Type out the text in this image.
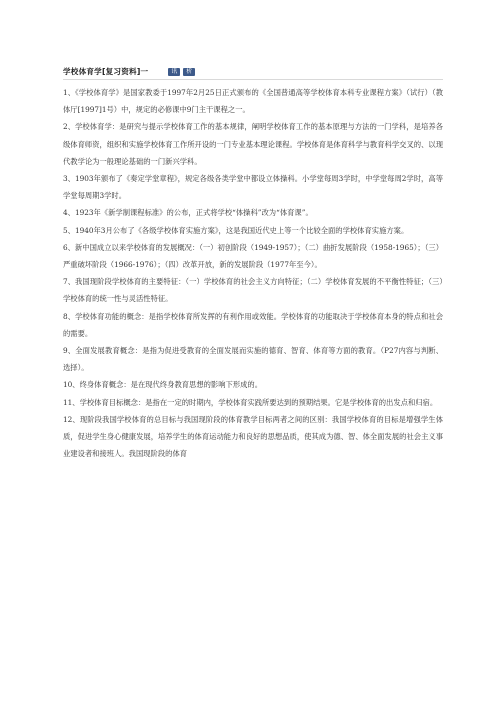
学校体育学[复习资料]一	讯	析

1、《学校体育学》是国家教委于1997年2月25日正式颁布的《全国普通高等学校体育本科专业课程方案》（试行）（教体厅[1997]1号）中，规定的必修课中9门主干课程之一。

2、学校体育学：是研究与提示学校体育工作的基本规律，阐明学校体育工作的基本原理与方法的一门学科，是培养各级体育师资，组织和实施学校体育工作所开设的一门专业基本理论课程。学校体育是体育科学与教育科学交叉的、以现代教学论为一般理论基础的一门新兴学科。

3、1903年颁布了《奏定学堂章程》，规定各级各类学堂中都设立体操科。小学堂每周3学时，中学堂每周2学时，高等学堂每周期3学时。

4、1923年《新学制课程标准》的公布，正式将学校“体操科”改为“体育课”。

5、1940年3月公布了《各级学校体育实施方案》，这是我国近代史上等一个比较全面的学校体育实施方案。

6、新中国成立以来学校体育的发展概况：（一）初创阶段（1949-1957）；（二）曲折发展阶段（1958-1965）；（三）严重破坏阶段（1966-1976）；（四）改革开放，新的发展阶段（1977年至今）。

7、我国现阶段学校体育的主要特征：（一）学校体育的社会主义方向特征；（二）学校体育发展的不平衡性特征；（三）学校体育的统一性与灵活性特征。

8、学校体育功能的概念：是指学校体育所发挥的有利作用或效能。学校体育的功能取决于学校体育本身的特点和社会的需要。

9、全面发展教育概念：是指为促进受教育的全面发展而实施的德育、智育、体育等方面的教育。（P27内容与判断、选择）。

10、终身体育概念：是在现代终身教育思想的影响下形成的。

11、学校体育目标概念：是指在一定的时期内，学校体育实践所要达到的预期结果。它是学校体育的出发点和归宿。

12、现阶段我国学校体育的总目标与我国现阶段的体育教学目标两者之间的区别：我国学校体育的目标是增强学生体质，促进学生身心健康发展，培养学生的体育运动能力和良好的思想品质，使其成为德、智、体全面发展的社会主义事业建设者和接班人。我国现阶段的体育
